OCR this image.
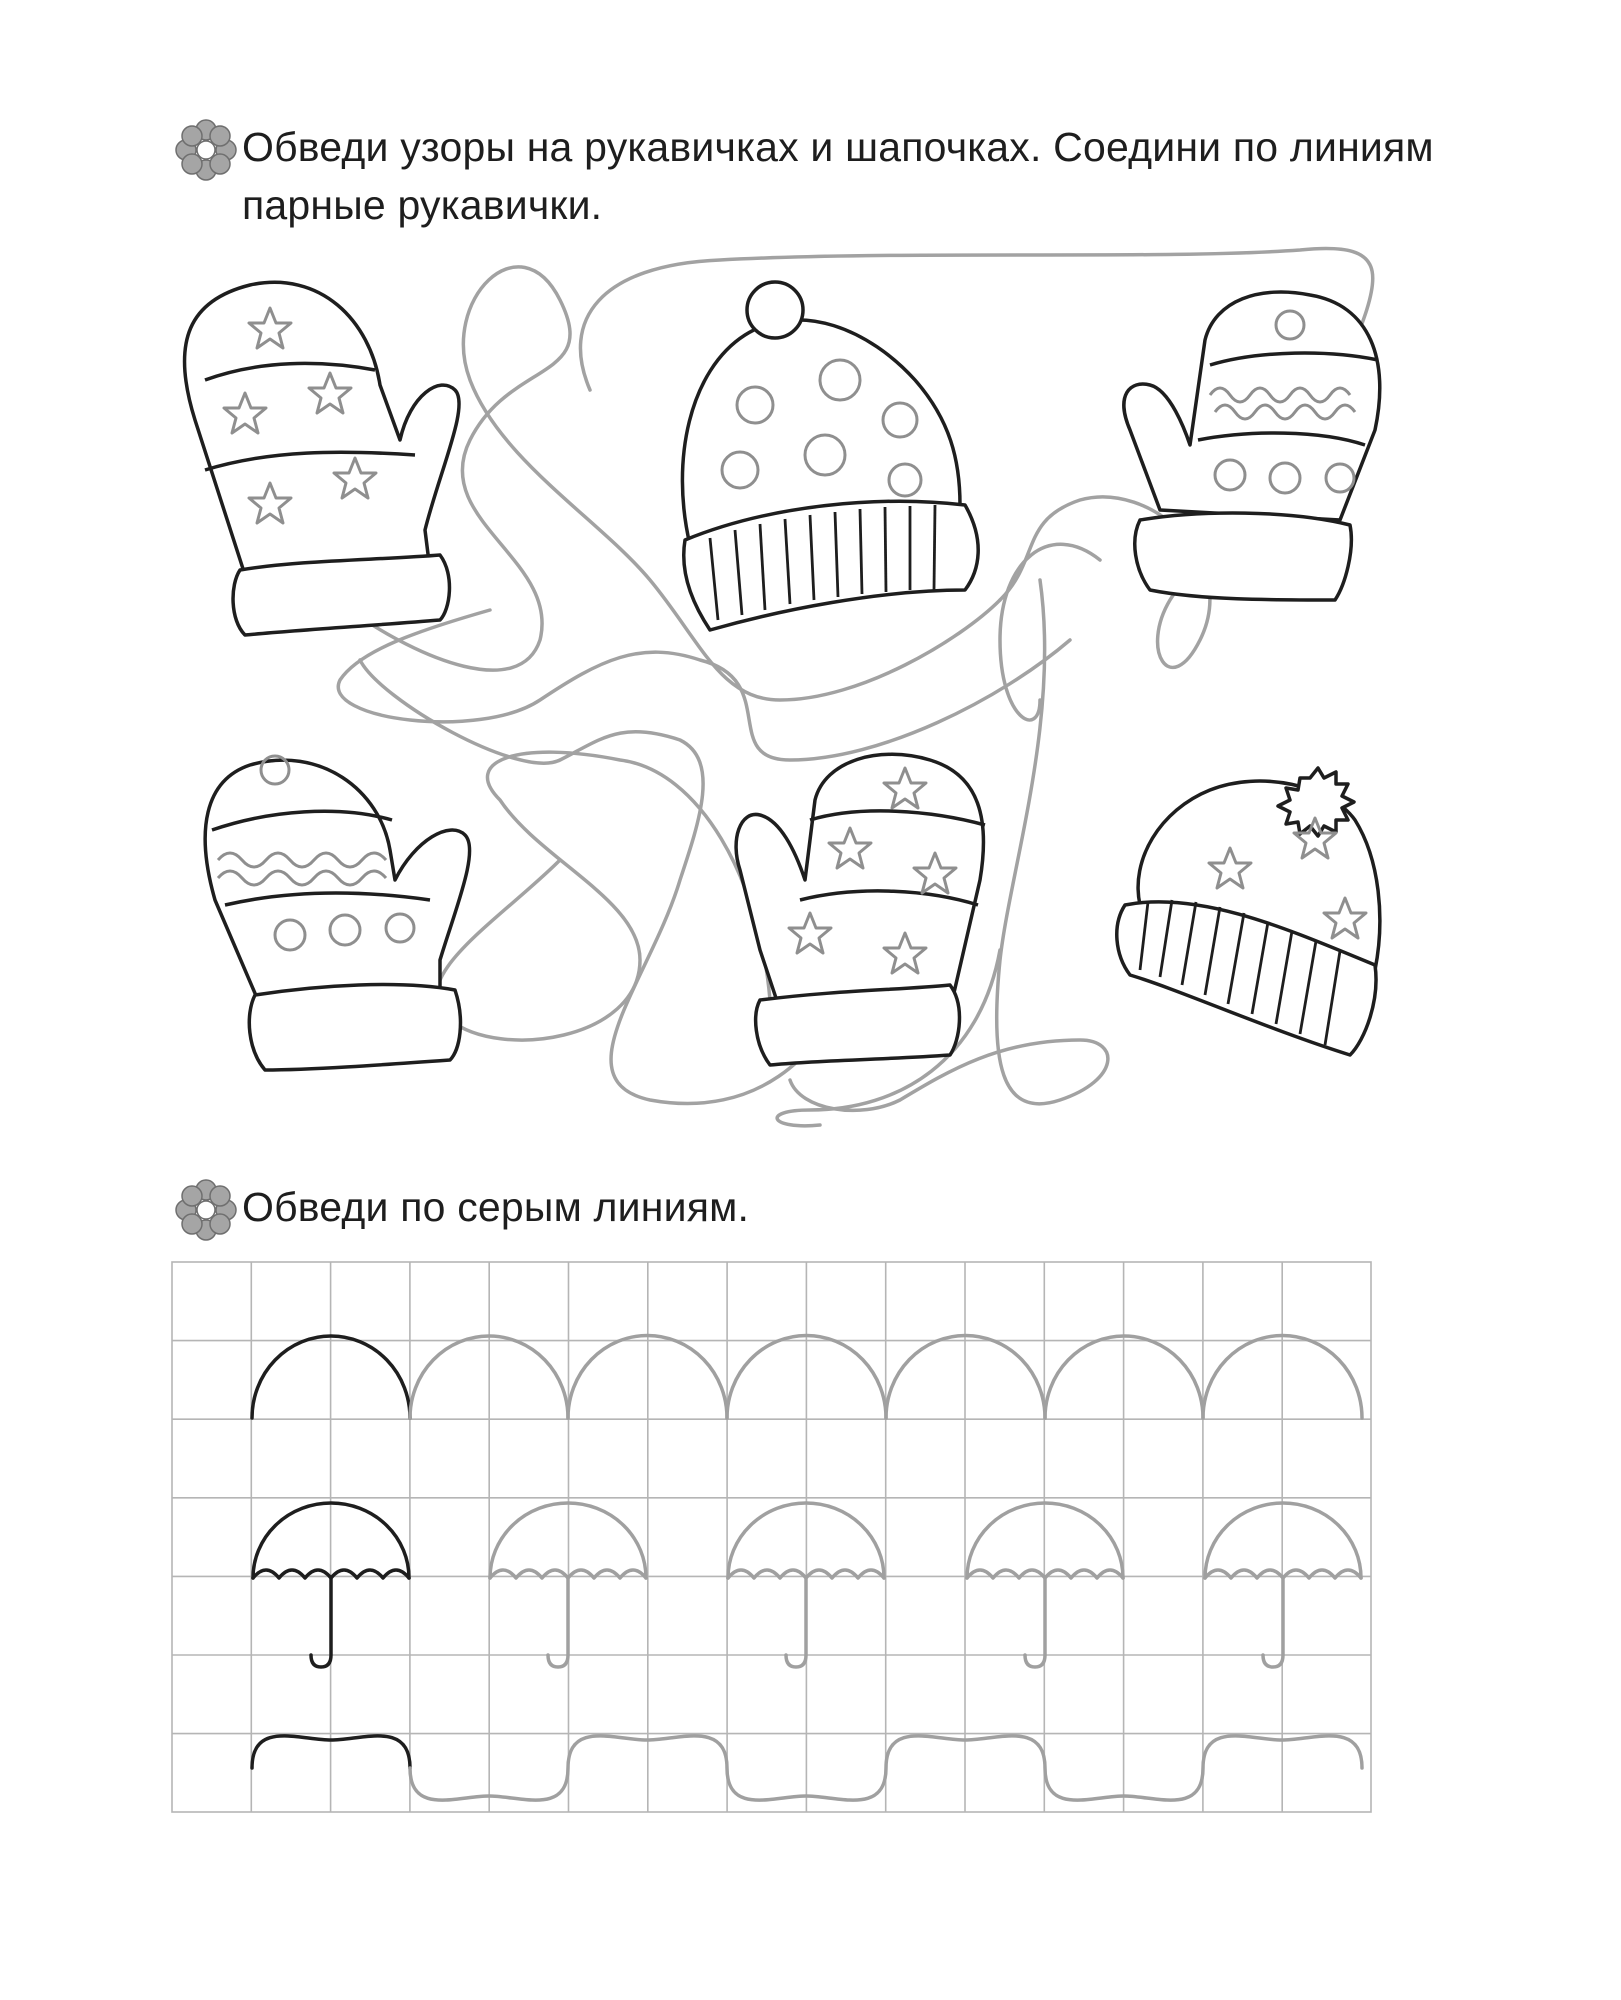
Обведи узоры на рукавичках и шапочках. Соедини по линиям парные рукавички.
Обведи по серым линиям.
